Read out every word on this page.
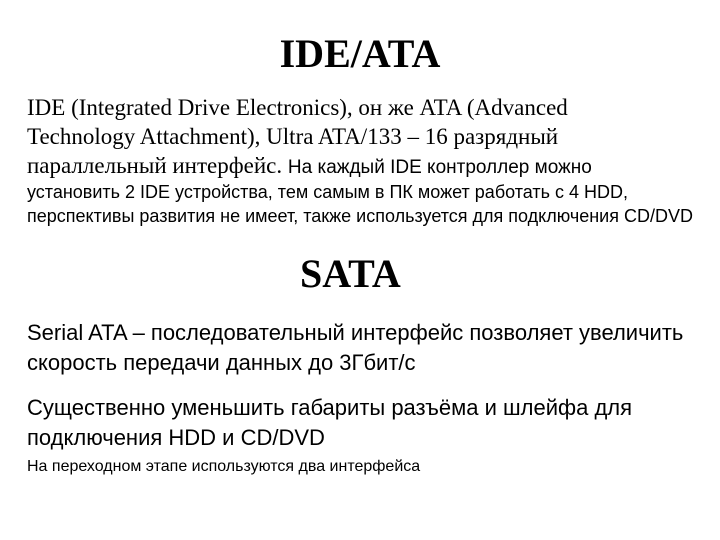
IDE/ATA
IDE (Integrated Drive Electronics), он же ATA (Advanced
Technology Attachment), Ultra ATA/133 – 16 разрядный
параллельный интерфейс. На каждый IDE контроллер можно

установить 2 IDE устройства, тем самым в ПК может работать с 4 HDD, перспективы развития не имеет, также используется для подключения CD/DVD

SATA

Serial ATA – последовательный интерфейс позволяет увеличить скорость передачи данных до 3Гбит/с

Существенно уменьшить габариты разъёма и шлейфа для подключения HDD и CD/DVD

На переходном этапе используются два интерфейса
